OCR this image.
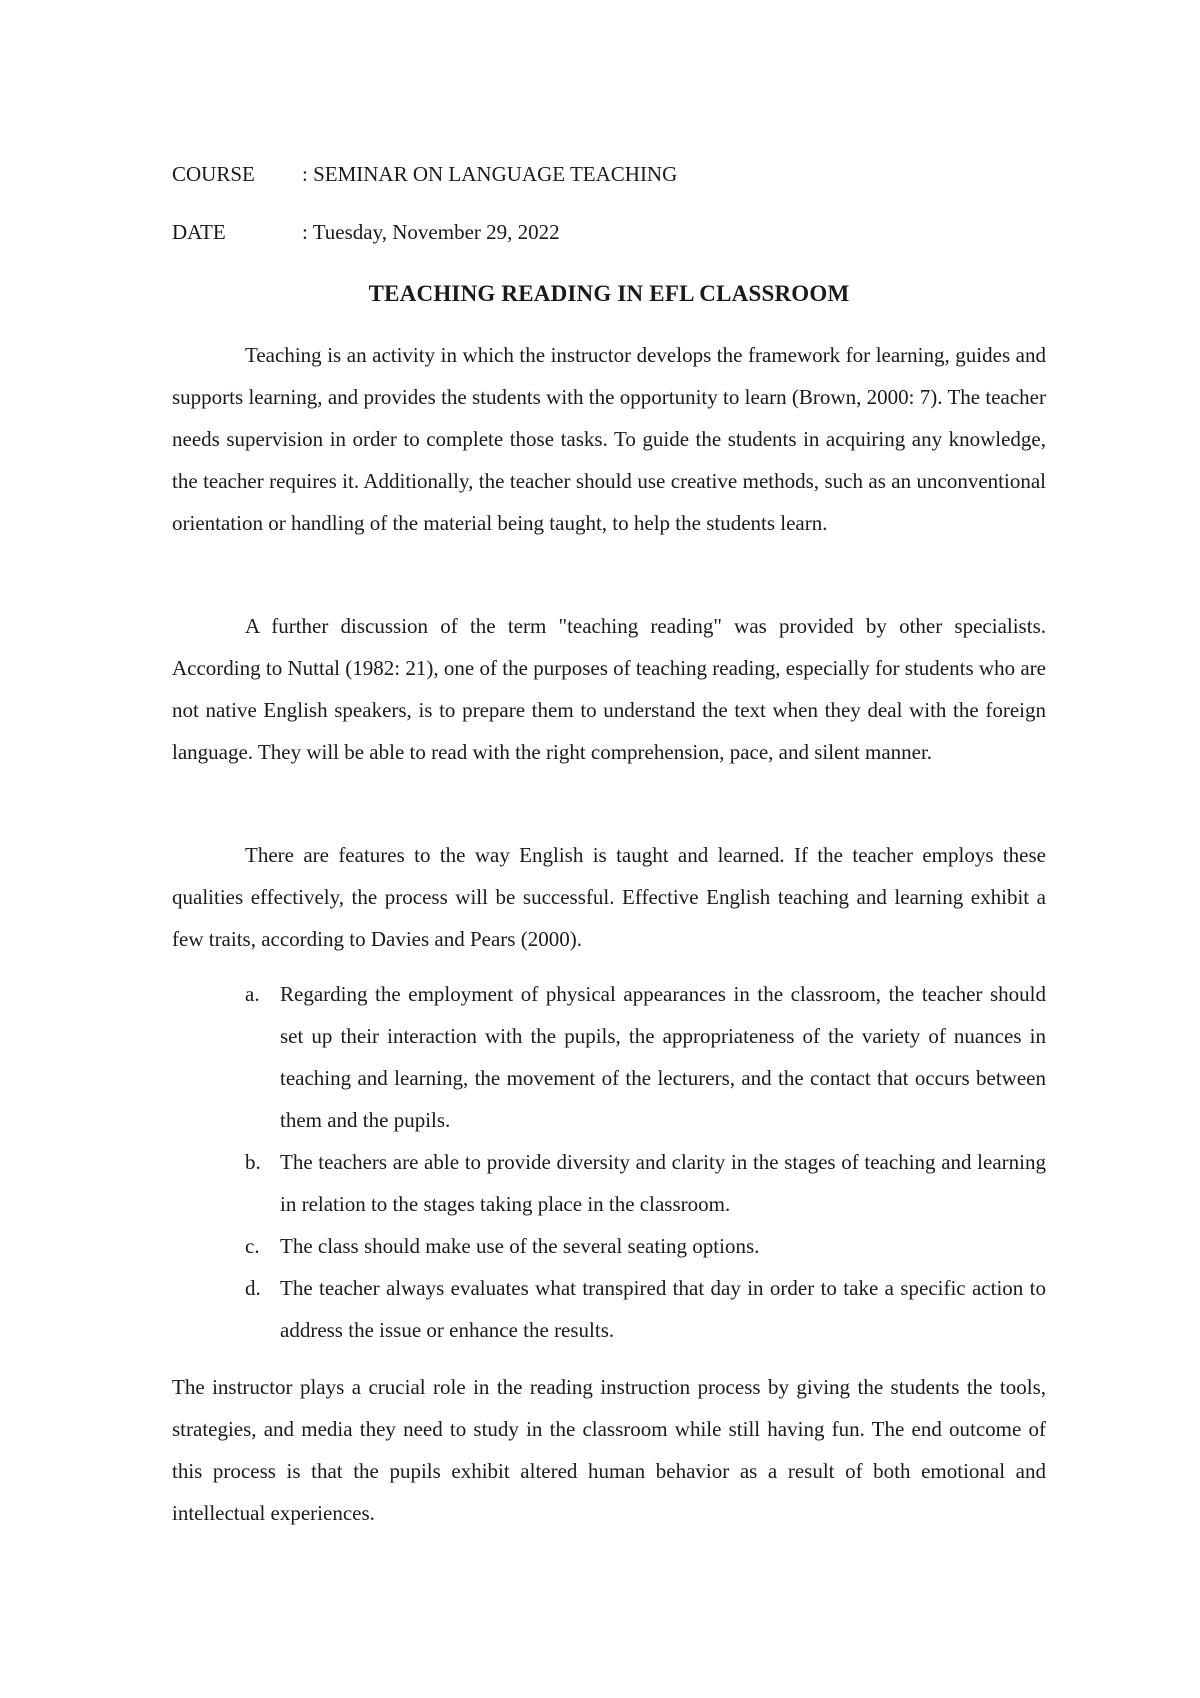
COURSE : SEMINAR ON LANGUAGE TEACHING
DATE	: Tuesday, November 29, 2022
TEACHING READING IN EFL CLASSROOM

Teaching is an activity in which the instructor develops the framework for learning, guides and supports learning, and provides the students with the opportunity to learn (Brown, 2000: 7). The teacher needs supervision in order to complete those tasks. To guide the students in acquiring any knowledge, the teacher requires it. Additionally, the teacher should use creative methods, such as an unconventional orientation or handling of the material being taught, to help the students learn.

A further discussion of the term "teaching reading" was provided by other specialists. According to Nuttal (1982: 21), one of the purposes of teaching reading, especially for students who are not native English speakers, is to prepare them to understand the text when they deal with the foreign language. They will be able to read with the right comprehension, pace, and silent manner.

There are features to the way English is taught and learned. If the teacher employs these qualities effectively, the process will be successful. Effective English teaching and learning exhibit a few traits, according to Davies and Pears (2000).

a. Regarding the employment of physical appearances in the classroom, the teacher should set up their interaction with the pupils, the appropriateness of the variety of nuances in teaching and learning, the movement of the lecturers, and the contact that occurs between them and the pupils.
b. The teachers are able to provide diversity and clarity in the stages of teaching and learning in relation to the stages taking place in the classroom.
c. The class should make use of the several seating options.
d. The teacher always evaluates what transpired that day in order to take a specific action to address the issue or enhance the results.

The instructor plays a crucial role in the reading instruction process by giving the students the tools, strategies, and media they need to study in the classroom while still having fun. The end outcome of this process is that the pupils exhibit altered human behavior as a result of both emotional and intellectual experiences.
